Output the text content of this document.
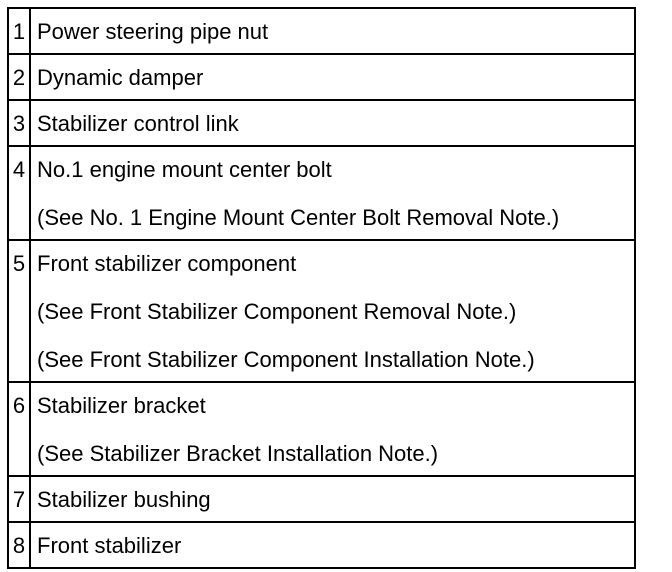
1	Power steering pipe nut

2	Dynamic damper

3	Stabilizer control link

4	No.1 engine mount center bolt
(See No. 1 Engine Mount Center Bolt Removal Note.)

5	Front stabilizer component
(See Front Stabilizer Component Removal Note.)
(See Front Stabilizer Component Installation Note.)

6	Stabilizer bracket
(See Stabilizer Bracket Installation Note.)

7	Stabilizer bushing

8	Front stabilizer
